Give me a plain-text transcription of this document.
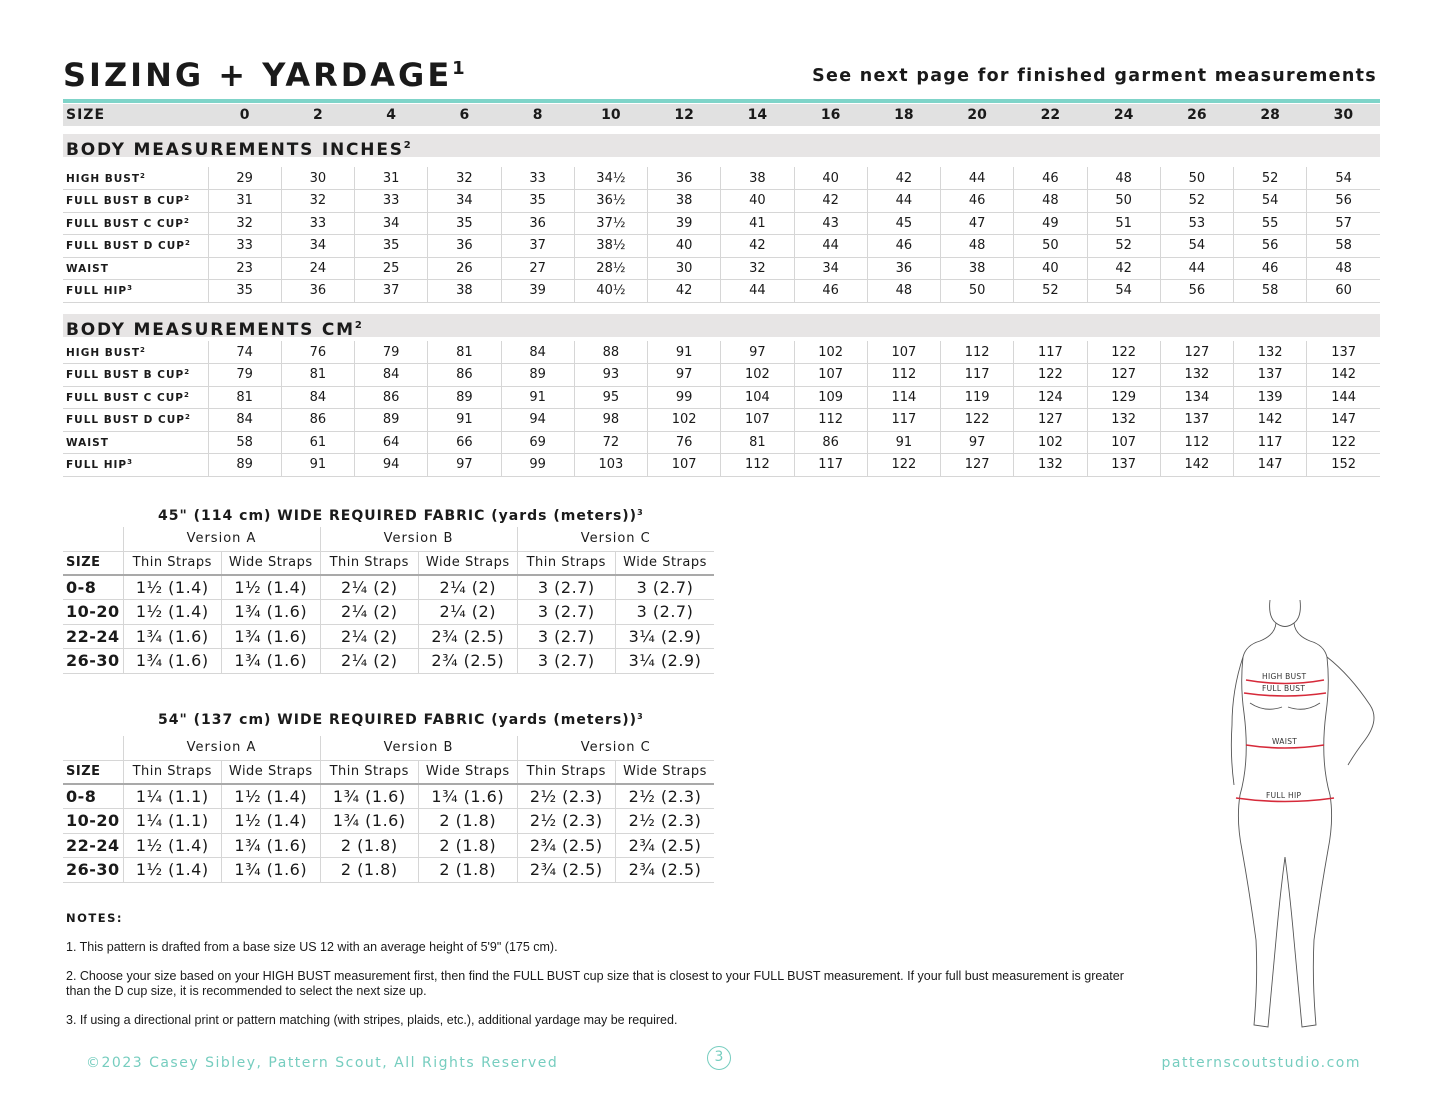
SIZING + $YARDAGE^1$	See next page for finished garment measurements
SIZE	0	2	4	6	8	10	12	14	16	18	20	22	24	26	28	30
BODY MEASUREMENTS INCHES$^2$
HIGH BUST$^2$	29	30	31	32	33	34½	36	38	40	42	44	46	48	50	52	54
FULL BUST B CUP$^2$	31	32	33	34	35	36½	38	40	42	44	46	48	50	52	54	56
FULL BUST C CUP$^2$	32	33	34	35	36	37½	39	41	43	45	47	49	51	53	55	57
FULL BUST D CUP$^2$	33	34	35	36	37	38½	40	42	44	46	48	50	52	54	56	58
WAIST	23	24	25	26	27	28½	30	32	34	36	38	40	42	44	46	48
FULL HIP$^3$	35	36	37	38	39	40½	42	44	46	48	50	52	54	56	58	60
BODY MEASUREMENTS $CM^2$
HIGH BUST$^2$	74	76	79	81	84	88	91	97	102	107	112	117	122	127	132	137
FULL BUST B CUP$^2$	79	81	84	86	89	93	97	102	107	112	117	122	127	132	137	142
FULL BUST C CUP$^2$	81	84	86	89	91	95	99	104	109	114	119	124	129	134	139	144
FULL BUST D CUP$^2$	84	86	89	91	94	98	102	107	112	117	122	127	132	137	142	147
WAIST	58	61	64	66	69	72	76	81	86	91	97	102	107	112	117	122
FULL HIP$^3$	89	91	94	97	99	103	107	112	117	122	127	132	137	142	147	152
45" (114 cm) WIDE REQUIRED FABRIC (yards (meters))$^3$
	Version A		Version B		Version C	
SIZE	Thin Straps	Wide Straps	Thin Straps	Wide Straps	Thin Straps	Wide Straps
0-8	1½ (1.4)	1½ (1.4)	2¼ (2)	2¼ (2)	3 (2.7)	3 (2.7)
10-20	1½ (1.4)	1¾ (1.6)	2¼ (2)	2¼ (2)	3 (2.7)	3 (2.7)
22-24	1¾ (1.6)	1¾ (1.6)	2¼ (2)	2¾ (2.5)	3 (2.7)	3¼ (2.9)
26-30	1¾ (1.6)	1¾ (1.6)	2¼ (2)	2¾ (2.5)	3 (2.7)	3¼ (2.9)
54" (137 cm) WIDE REQUIRED FABRIC (yards (meters))$^3$
	Version A		Version B		Version C	
SIZE	Thin Straps	Wide Straps	Thin Straps	Wide Straps	Thin Straps	Wide Straps
0-8	1¼ (1.1)	1½ (1.4)	1¾ (1.6)	1¾ (1.6)	2½ (2.3)	2½ (2.3)
10-20	1¼ (1.1)	1½ (1.4)	1¾ (1.6)	2 (1.8)	2½ (2.3)	2½ (2.3)
22-24	1½ (1.4)	1¾ (1.6)	2 (1.8)	2 (1.8)	2¾ (2.5)	2¾ (2.5)
26-30	1½ (1.4)	1¾ (1.6)	2 (1.8)	2 (1.8)	2¾ (2.5)	2¾ (2.5)
HIGH BUST
FULL BUST
WAIST
FULL HIP
NOTES:
1. This pattern is drafted from a base size US 12 with an average height of 5'9" (175 cm).
2. Choose your size based on your HIGH BUST measurement first, then find the FULL BUST cup size that is closest to your FULL BUST measurement. If your full bust measurement is greater than the D cup size, it is recommended to select the next size up.
3. If using a directional print or pattern matching (with stripes, plaids, etc.), additional yardage may be required.
©2023 Casey Sibley, Pattern Scout, All Rights Reserved	3	patternscoutstudio.com
